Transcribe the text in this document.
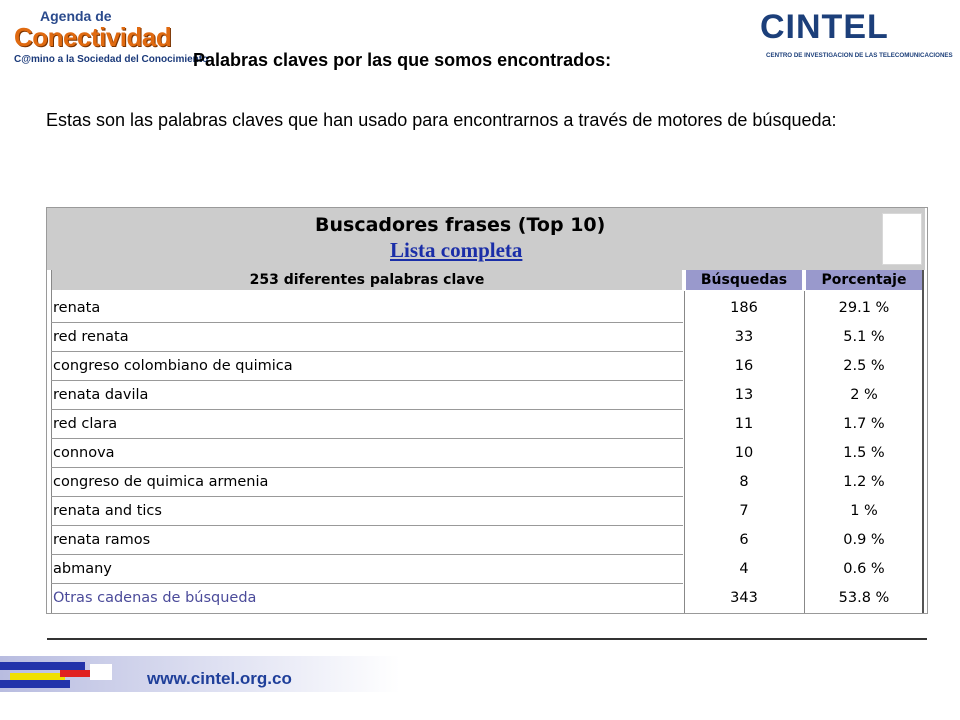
Agenda de
Conectividad
C@mino a la Sociedad del Conocimiento
CINTEL
CENTRO DE INVESTIGACION DE LAS TELECOMUNICACIONES
Palabras claves por las que somos encontrados:
Estas son las palabras claves que han usado para encontrarnos a través de motores de búsqueda:
Buscadores frases (Top 10)
Lista completa
253 diferentes palabras clave	Búsquedas	Porcentaje
renata	186	29.1 %
red renata	33	5.1 %
congreso colombiano de quimica	16	2.5 %
renata davila	13	2 %
red clara	11	1.7 %
connova	10	1.5 %
congreso de quimica armenia	8	1.2 %
renata and tics	7	1 %
renata ramos	6	0.9 %
abmany	4	0.6 %
Otras cadenas de búsqueda	343	53.8 %
www.cintel.org.co
